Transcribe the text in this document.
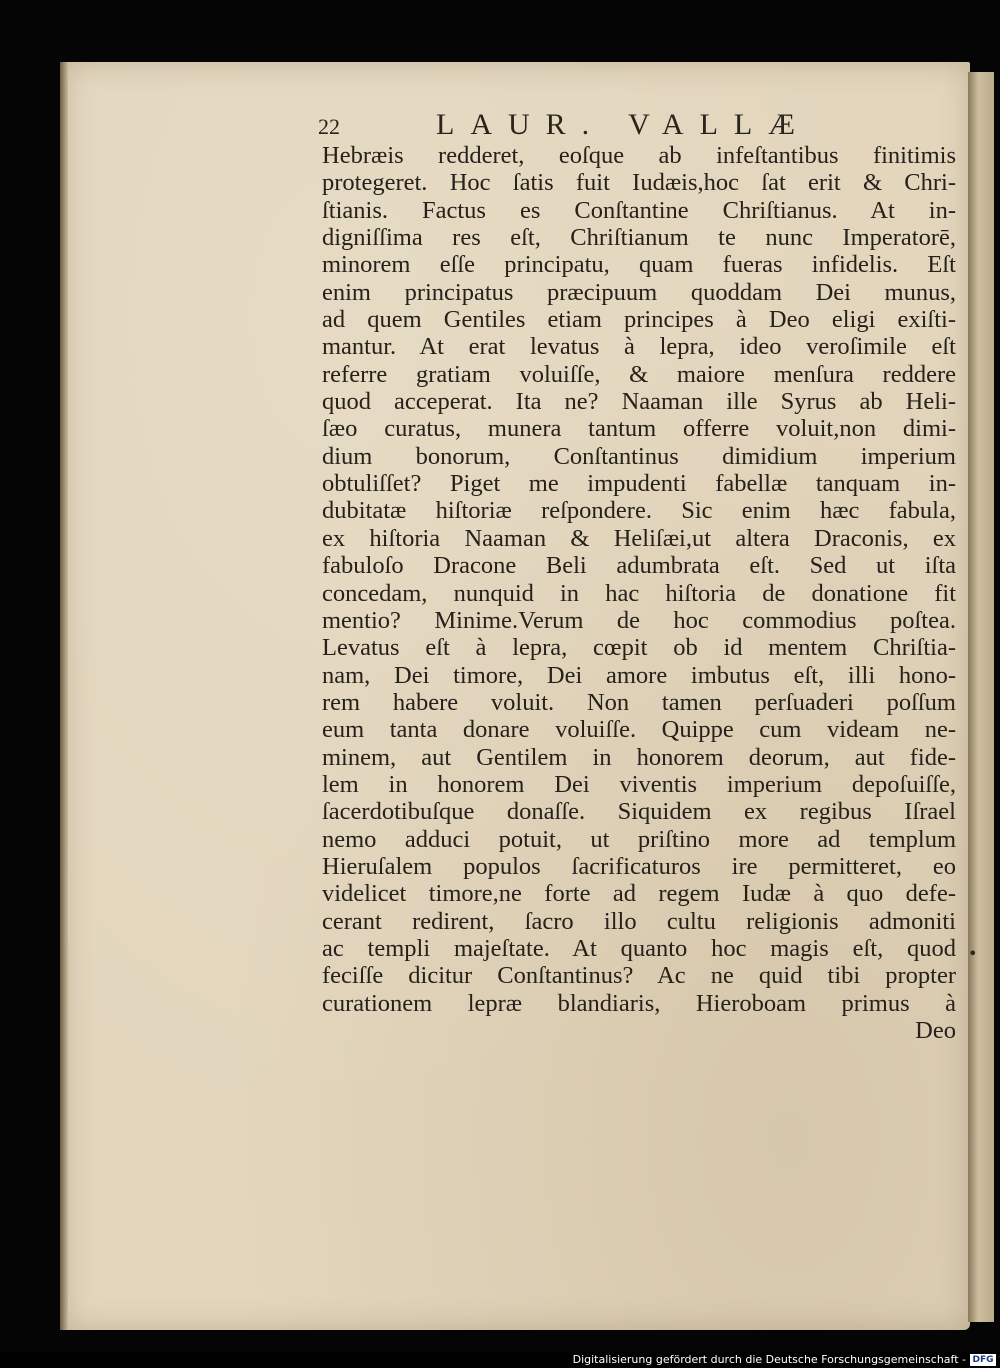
22	LAUR. VALLÆ
Hebræis redderet, eoſque ab infeſtantibus finitimis
protegeret. Hoc ſatis fuit Iudæis,hoc ſat erit & Chri-
ſtianis. Factus es Conſtantine Chriſtianus. At in-
digniſſima res eſt, Chriſtianum te nunc Imperatorē,
minorem eſſe principatu, quam fueras infidelis. Eſt
enim principatus præcipuum quoddam Dei munus,
ad quem Gentiles etiam principes à Deo eligi exiſti-
mantur. At erat levatus à lepra, ideo veroſimile eſt
referre gratiam voluiſſe, & maiore menſura reddere
quod acceperat. Ita ne? Naaman ille Syrus ab Heli-
ſæo curatus, munera tantum offerre voluit,non dimi-
dium bonorum, Conſtantinus dimidium imperium
obtuliſſet? Piget me impudenti fabellæ tanquam in-
dubitatæ hiſtoriæ reſpondere. Sic enim hæc fabula,
ex hiſtoria Naaman & Heliſæi,ut altera Draconis, ex
fabuloſo Dracone Beli adumbrata eſt. Sed ut iſta
concedam, nunquid in hac hiſtoria de donatione fit
mentio? Minime.Verum de hoc commodius poſtea.
Levatus eſt à lepra, cœpit ob id mentem Chriſtia-
nam, Dei timore, Dei amore imbutus eſt, illi hono-
rem habere voluit. Non tamen perſuaderi poſſum
eum tanta donare voluiſſe. Quippe cum videam ne-
minem, aut Gentilem in honorem deorum, aut fide-
lem in honorem Dei viventis imperium depoſuiſſe,
ſacerdotibuſque donaſſe. Siquidem ex regibus Iſrael
nemo adduci potuit, ut priſtino more ad templum
Hieruſalem populos ſacrificaturos ire permitteret, eo
videlicet timore,ne forte ad regem Iudæ à quo defe-
cerant redirent, ſacro illo cultu religionis admoniti
ac templi majeſtate. At quanto hoc magis eſt, quod
feciſſe dicitur Conſtantinus? Ac ne quid tibi propter
curationem lepræ blandiaris, Hieroboam primus à
Deo
•
Digitalisierung gefördert durch die Deutsche Forschungsgemeinschaft - DFG
